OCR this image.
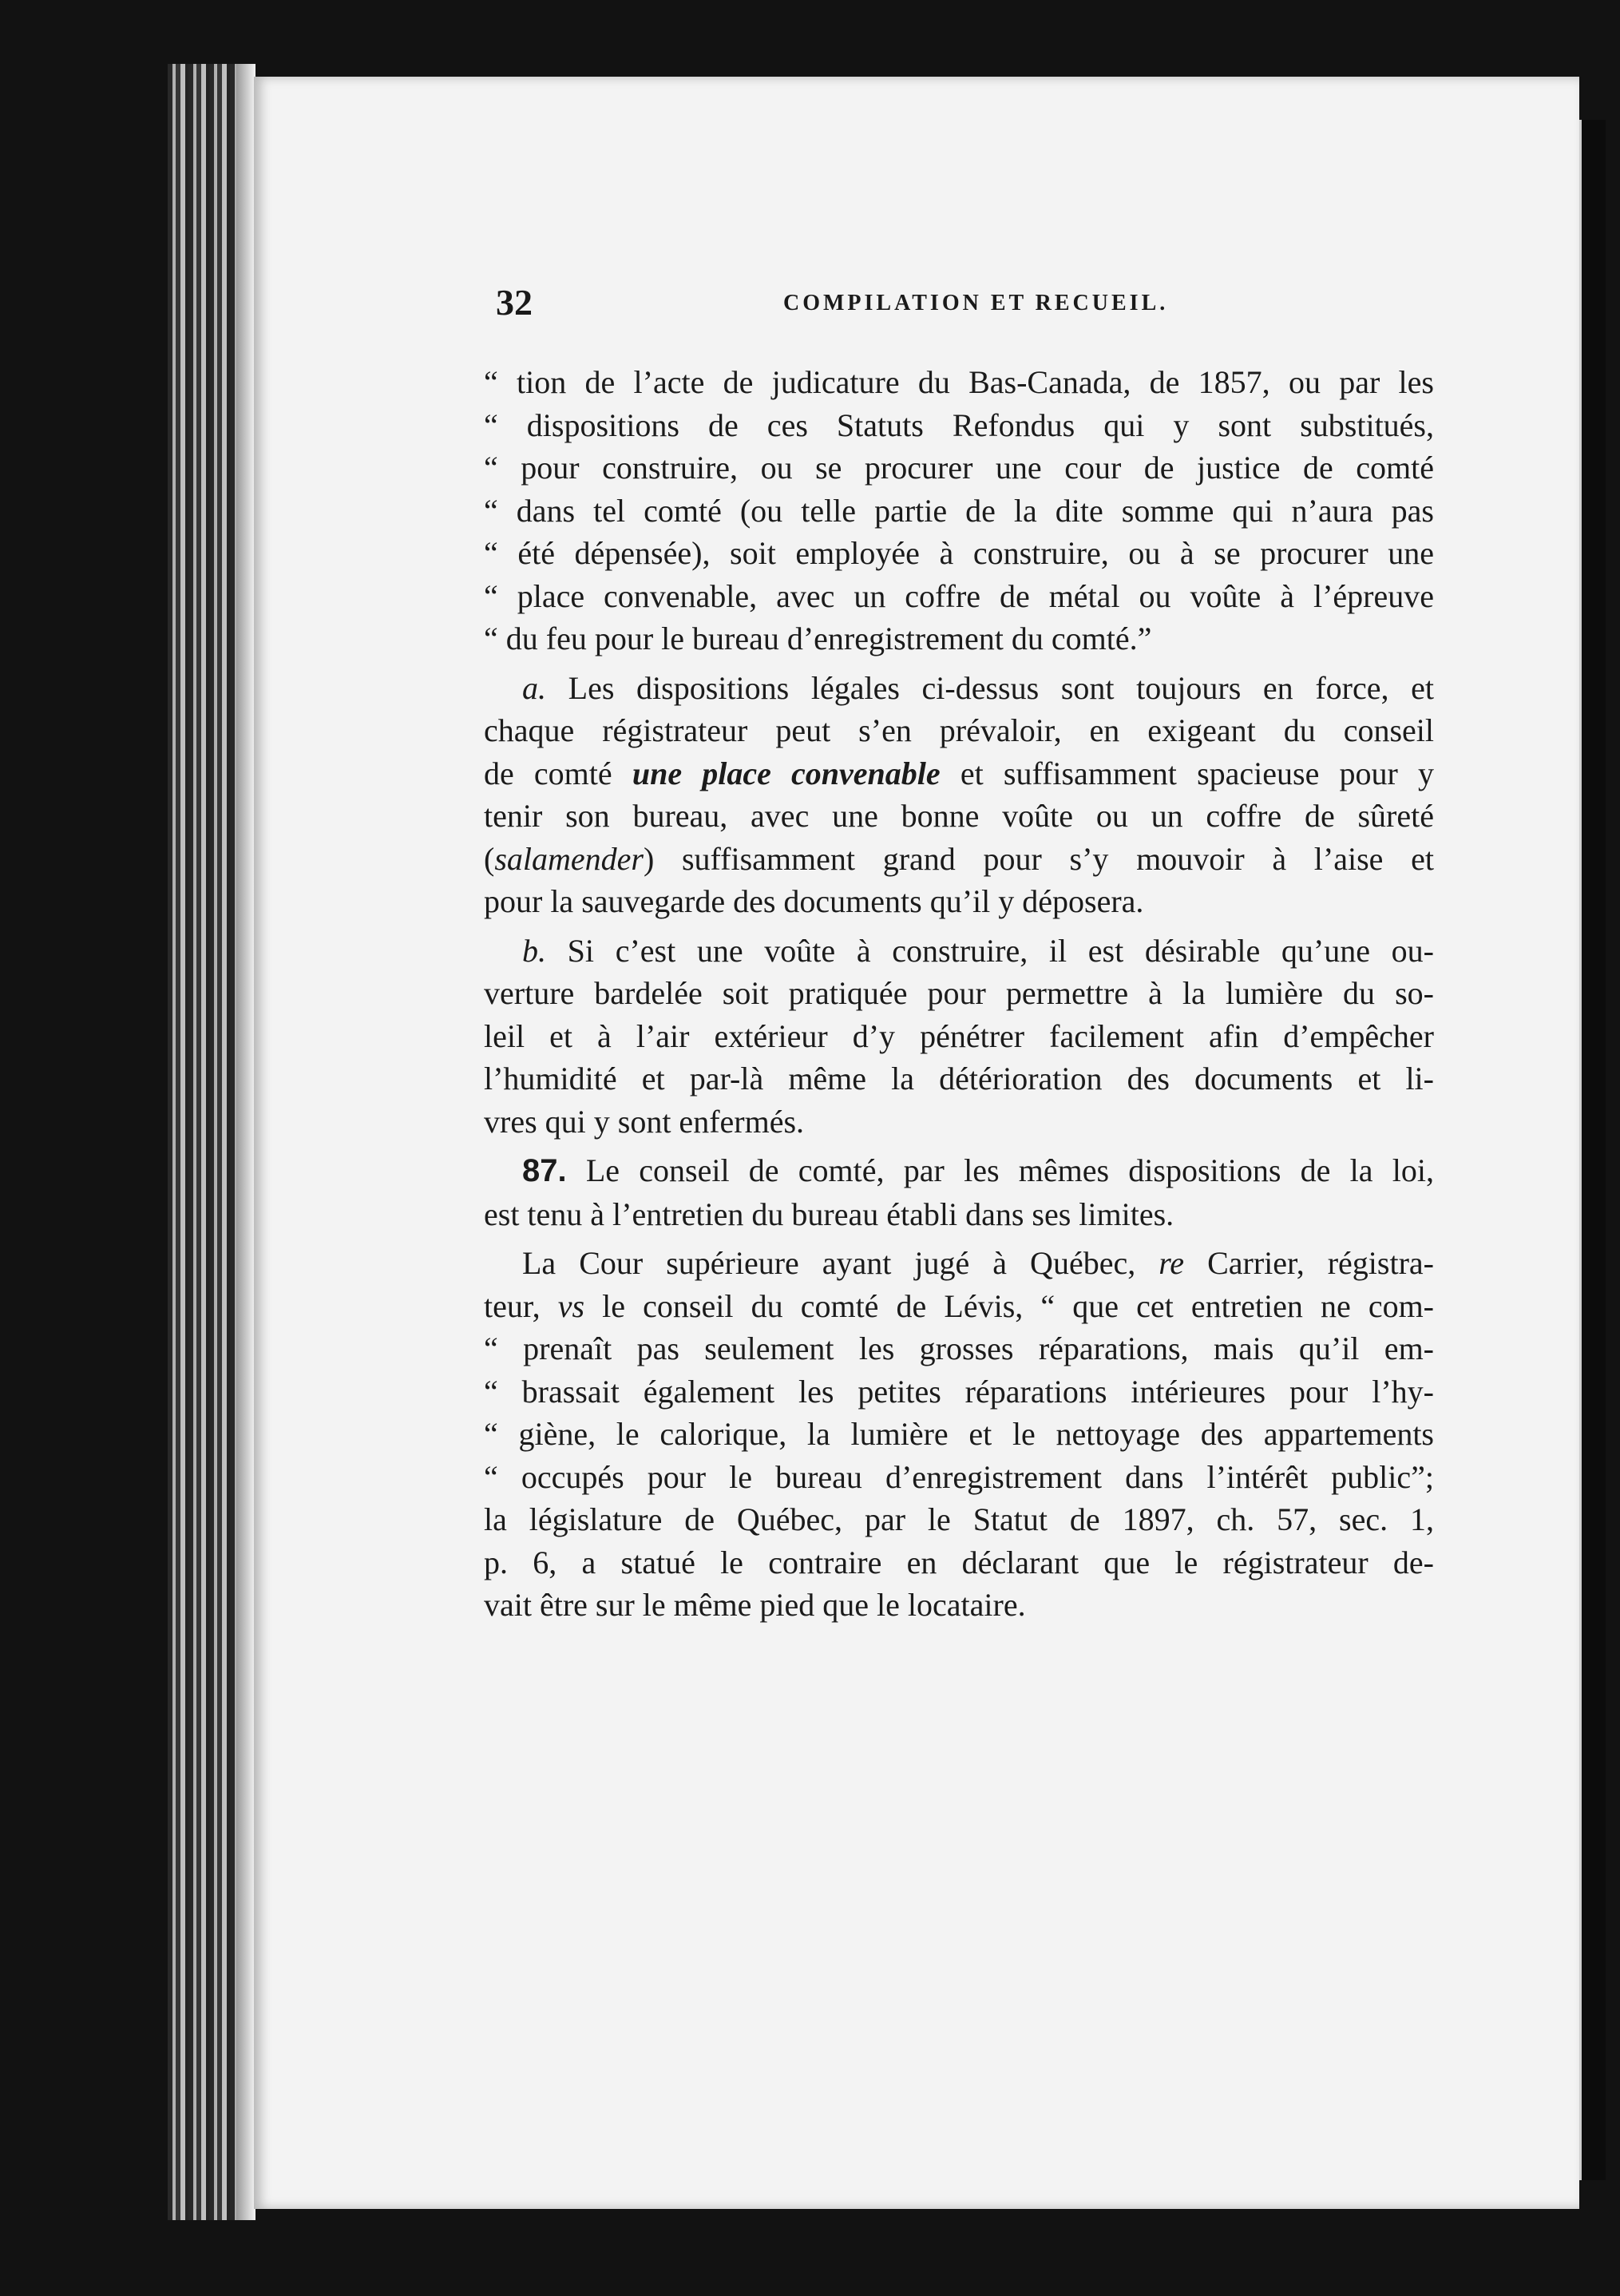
32	COMPILATION ET RECUEIL.
“ tion de l’acte de judicature du Bas-Canada, de 1857, ou par les
“ dispositions de ces Statuts Refondus qui y sont substitués,
“ pour construire, ou se procurer une cour de justice de comté
“ dans tel comté (ou telle partie de la dite somme qui n’aura pas
“ été dépensée), soit employée à construire, ou à se procurer une
“ place convenable, avec un coffre de métal ou voûte à l’épreuve
“ du feu pour le bureau d’enregistrement du comté.”
a. Les dispositions légales ci-dessus sont toujours en force, et
chaque régistrateur peut s’en prévaloir, en exigeant du conseil
de comté une place convenable et suffisamment spacieuse pour y
tenir son bureau, avec une bonne voûte ou un coffre de sûreté
(salamender) suffisamment grand pour s’y mouvoir à l’aise et
pour la sauvegarde des documents qu’il y déposera.
b. Si c’est une voûte à construire, il est désirable qu’une ou-
verture bardelée soit pratiquée pour permettre à la lumière du so-
leil et à l’air extérieur d’y pénétrer facilement afin d’empêcher
l’humidité et par-là même la détérioration des documents et li-
vres qui y sont enfermés.
87. Le conseil de comté, par les mêmes dispositions de la loi,
est tenu à l’entretien du bureau établi dans ses limites.
La Cour supérieure ayant jugé à Québec, re Carrier, régistra-
teur, vs le conseil du comté de Lévis, “ que cet entretien ne com-
“ prenaît pas seulement les grosses réparations, mais qu’il em-
“ brassait également les petites réparations intérieures pour l’hy-
“ giène, le calorique, la lumière et le nettoyage des appartements
“ occupés pour le bureau d’enregistrement dans l’intérêt public”;
la législature de Québec, par le Statut de 1897, ch. 57, sec. 1,
p. 6, a statué le contraire en déclarant que le régistrateur de-
vait être sur le même pied que le locataire.
